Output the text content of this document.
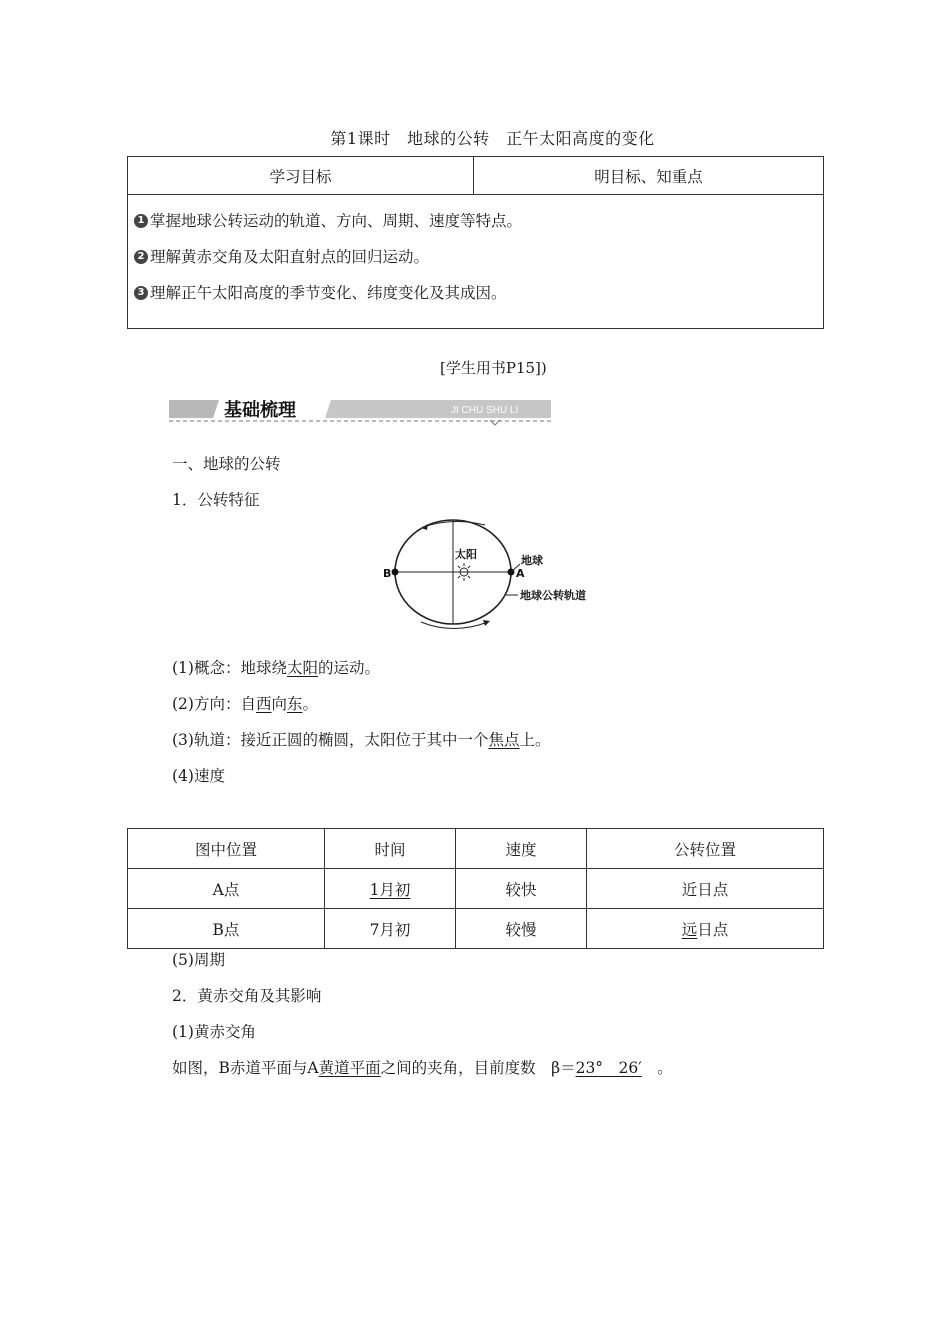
第1课时　地球的公转　正午太阳高度的变化
学习目标	明目标、知重点

1 掌握地球公转运动的轨道、方向、周期、速度等特点。
2 理解黄赤交角及太阳直射点的回归运动。
3 理解正午太阳高度的季节变化、纬度变化及其成因。
[学生用书P15])
基础梳理	JI CHU SHU LI
一、地球的公转
1．公转特征
太阳	地球
A
B
地球公转轨道
(1)概念：地球绕太阳的运动。
(2)方向：自西向东。
(3)轨道：接近正圆的椭圆，太阳位于其中一个焦点上。
(4)速度
图中位置	时间	速度	公转位置
A点	1月初	较快	近日点
B点	7月初	较慢	远日点
(5)周期
2．黄赤交角及其影响
(1)黄赤交角
如图，B赤道平面与A黄道平面之间的夹角，目前度数　β＝23°　26′　。
